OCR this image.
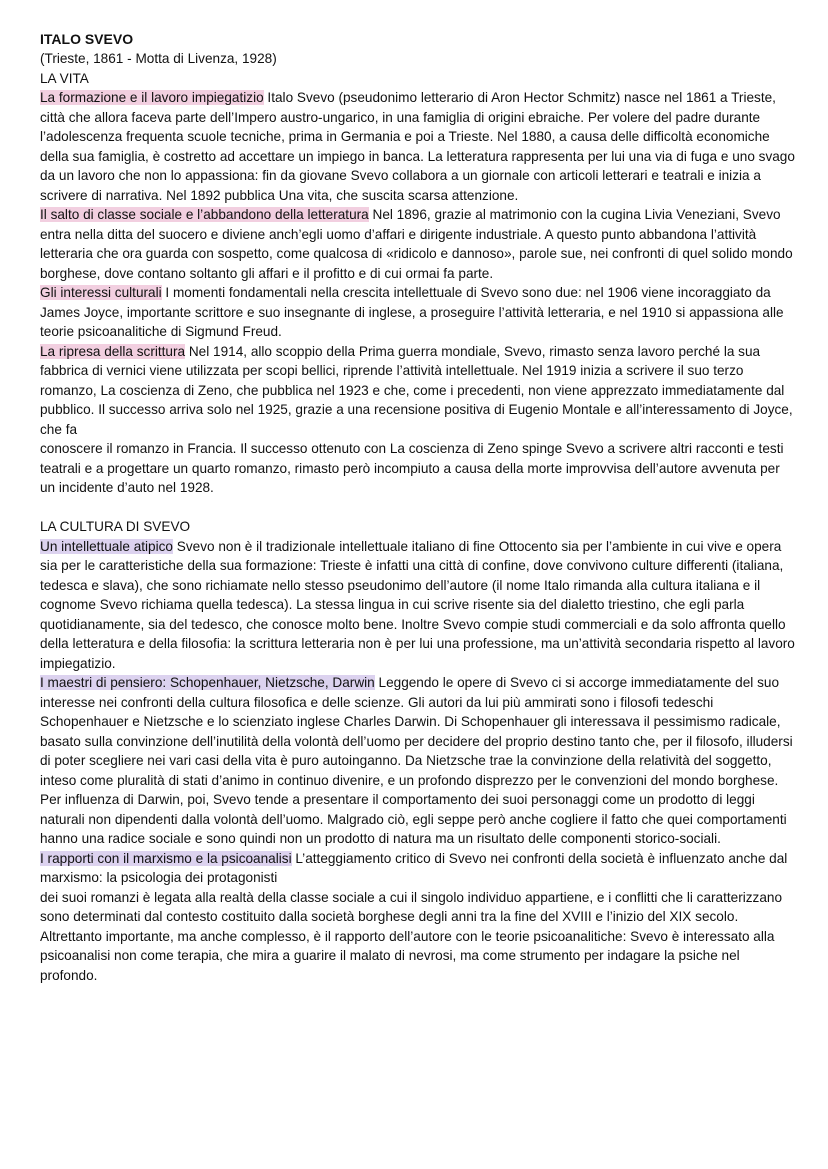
ITALO SVEVO
(Trieste, 1861 - Motta di Livenza, 1928)
LA VITA

La formazione e il lavoro impiegatizio Italo Svevo (pseudonimo letterario di Aron Hector Schmitz) nasce nel 1861 a Trieste, città che allora faceva parte dell’Impero austro-ungarico, in una famiglia di origini ebraiche. Per volere del padre durante l’adolescenza frequenta scuole tecniche, prima in Germania e poi a Trieste. Nel 1880, a causa delle difficoltà economiche della sua famiglia, è costretto ad accettare un impiego in banca. La letteratura rappresenta per lui una via di fuga e uno svago da un lavoro che non lo appassiona: fin da giovane Svevo collabora a un giornale con articoli letterari e teatrali e inizia a scrivere di narrativa. Nel 1892 pubblica Una vita, che suscita scarsa attenzione.

Il salto di classe sociale e l’abbandono della letteratura Nel 1896, grazie al matrimonio con la cugina Livia Veneziani, Svevo entra nella ditta del suocero e diviene anch’egli uomo d’affari e dirigente industriale. A questo punto abbandona l’attività letteraria che ora guarda con sospetto, come qualcosa di «ridicolo e dannoso», parole sue, nei confronti di quel solido mondo borghese, dove contano soltanto gli affari e il profitto e di cui ormai fa parte.

Gli interessi culturali I momenti fondamentali nella crescita intellettuale di Svevo sono due: nel 1906 viene incoraggiato da James Joyce, importante scrittore e suo insegnante di inglese, a proseguire l’attività letteraria, e nel 1910 si appassiona alle teorie psicoanalitiche di Sigmund Freud.

La ripresa della scrittura Nel 1914, allo scoppio della Prima guerra mondiale, Svevo, rimasto senza lavoro perché la sua fabbrica di vernici viene utilizzata per scopi bellici, riprende l’attività intellettuale. Nel 1919 inizia a scrivere il suo terzo romanzo, La coscienza di Zeno, che pubblica nel 1923 e che, come i precedenti, non viene apprezzato immediatamente dal pubblico. Il successo arriva solo nel 1925, grazie a una recensione positiva di Eugenio Montale e all’interessamento di Joyce, che fa

conoscere il romanzo in Francia. Il successo ottenuto con La coscienza di Zeno spinge Svevo a scrivere altri racconti e testi teatrali e a progettare un quarto romanzo, rimasto però incompiuto a causa della morte improvvisa dell’autore avvenuta per un incidente d’auto nel 1928.

LA CULTURA DI SVEVO

Un intellettuale atipico Svevo non è il tradizionale intellettuale italiano di fine Ottocento sia per l’ambiente in cui vive e opera sia per le caratteristiche della sua formazione: Trieste è infatti una città di confine, dove convivono culture differenti (italiana, tedesca e slava), che sono richiamate nello stesso pseudonimo dell’autore (il nome Italo rimanda alla cultura italiana e il cognome Svevo richiama quella tedesca). La stessa lingua in cui scrive risente sia del dialetto triestino, che egli parla quotidianamente, sia del tedesco, che conosce molto bene. Inoltre Svevo compie studi commerciali e da solo affronta quello della letteratura e della filosofia: la scrittura letteraria non è per lui una professione, ma un’attività secondaria rispetto al lavoro impiegatizio.

I maestri di pensiero: Schopenhauer, Nietzsche, Darwin Leggendo le opere di Svevo ci si accorge immediatamente del suo interesse nei confronti della cultura filosofica e delle scienze. Gli autori da lui più ammirati sono i filosofi tedeschi Schopenhauer e Nietzsche e lo scienziato inglese Charles Darwin. Di Schopenhauer gli interessava il pessimismo radicale, basato sulla convinzione dell’inutilità della volontà dell’uomo per decidere del proprio destino tanto che, per il filosofo, illudersi di poter scegliere nei vari casi della vita è puro autoinganno. Da Nietzsche trae la convinzione della relatività del soggetto, inteso come pluralità di stati d’animo in continuo divenire, e un profondo disprezzo per le convenzioni del mondo borghese. Per influenza di Darwin, poi, Svevo tende a presentare il comportamento dei suoi personaggi come un prodotto di leggi naturali non dipendenti dalla volontà dell’uomo. Malgrado ciò, egli seppe però anche cogliere il fatto che quei comportamenti hanno una radice sociale e sono quindi non un prodotto di natura ma un risultato delle componenti storico-sociali.

I rapporti con il marxismo e la psicoanalisi L’atteggiamento critico di Svevo nei confronti della società è influenzato anche dal marxismo: la psicologia dei protagonisti

dei suoi romanzi è legata alla realtà della classe sociale a cui il singolo individuo appartiene, e i conflitti che li caratterizzano sono determinati dal contesto costituito dalla società borghese degli anni tra la fine del XVIII e l’inizio del XIX secolo. Altrettanto importante, ma anche complesso, è il rapporto dell’autore con le teorie psicoanalitiche: Svevo è interessato alla psicoanalisi non come terapia, che mira a guarire il malato di nevrosi, ma come strumento per indagare la psiche nel profondo.
